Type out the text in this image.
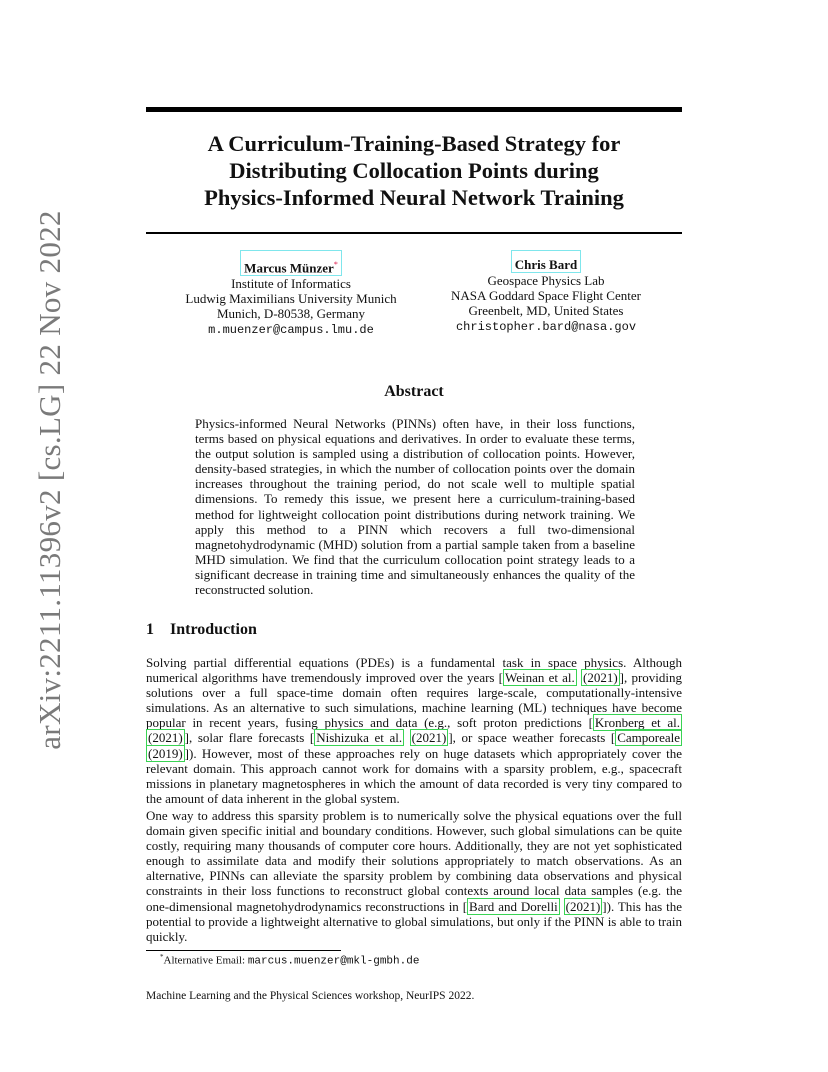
arXiv:2211.11396v2 [cs.LG] 22 Nov 2022
A Curriculum-Training-Based Strategy for
Distributing Collocation Points during
Physics-Informed Neural Network Training
Marcus Münzer*
Institute of Informatics
Ludwig Maximilians University Munich
Munich, D-80538, Germany
m.muenzer@campus.lmu.de
Chris Bard
Geospace Physics Lab
NASA Goddard Space Flight Center
Greenbelt, MD, United States
christopher.bard@nasa.gov
Abstract

Physics-informed Neural Networks (PINNs) often have, in their loss functions, terms based on physical equations and derivatives. In order to evaluate these terms, the output solution is sampled using a distribution of collocation points. However, density-based strategies, in which the number of collocation points over the domain increases throughout the training period, do not scale well to multiple spatial dimensions. To remedy this issue, we present here a curriculum-training-based method for lightweight collocation point distributions during network training. We apply this method to a PINN which recovers a full two-dimensional magnetohydrodynamic (MHD) solution from a partial sample taken from a baseline MHD simulation. We find that the curriculum collocation point strategy leads to a significant decrease in training time and simultaneously enhances the quality of the reconstructed solution.

1 Introduction

Solving partial differential equations (PDEs) is a fundamental task in space physics. Although numerical algorithms have tremendously improved over the years [ Weinan et al. (2021) ], providing solutions over a full space-time domain often requires large-scale, computationally-intensive simulations. As an alternative to such simulations, machine learning (ML) techniques have become popular in recent years, fusing physics and data (e.g., soft proton predictions [ Kronberg et al. (2021) ], solar flare forecasts [ Nishizuka et al. (2021) ], or space weather forecasts [ Camporeale (2019) ]). However, most of these approaches rely on huge datasets which appropriately cover the relevant domain. This approach cannot work for domains with a sparsity problem, e.g., spacecraft missions in planetary magnetospheres in which the amount of data recorded is very tiny compared to the amount of data inherent in the global system.

One way to address this sparsity problem is to numerically solve the physical equations over the full domain given specific initial and boundary conditions. However, such global simulations can be quite costly, requiring many thousands of computer core hours. Additionally, they are not yet sophisticated enough to assimilate data and modify their solutions appropriately to match observations. As an alternative, PINNs can alleviate the sparsity problem by combining data observations and physical constraints in their loss functions to reconstruct global contexts around local data samples (e.g. the one-dimensional magnetohydrodynamics reconstructions in [ Bard and Dorelli (2021) ]). This has the potential to provide a lightweight alternative to global simulations, but only if the PINN is able to train quickly.

*Alternative Email: marcus.muenzer@mkl-gmbh.de
Machine Learning and the Physical Sciences workshop, NeurIPS 2022.
